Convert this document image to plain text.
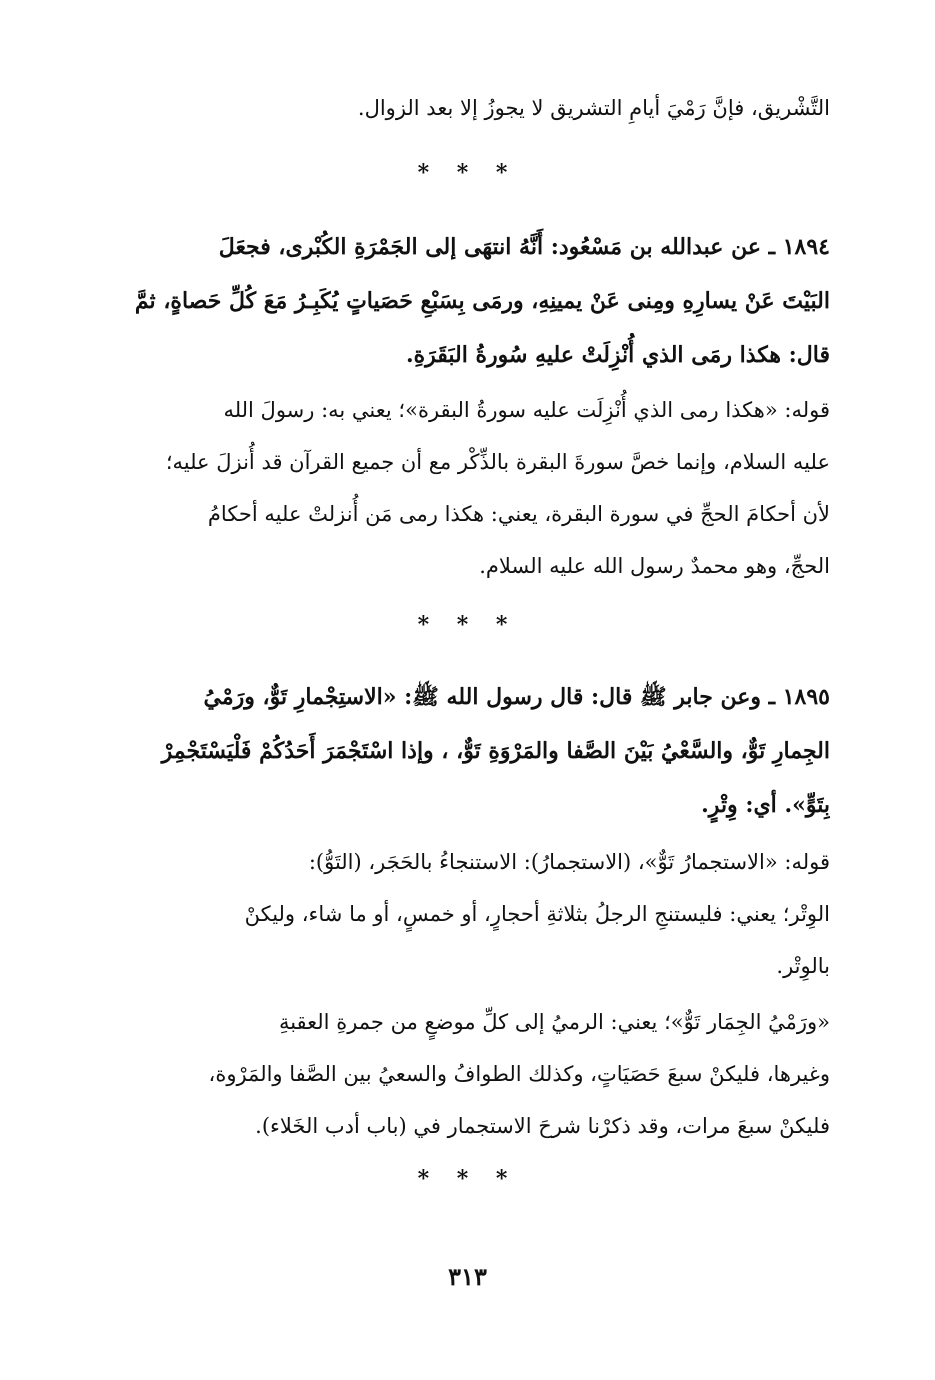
التَّشْريق، فإنَّ رَمْيَ أيامِ التشريق لا يجوزُ إلا بعد الزوال.
* * *
١٨٩٤ ـ عن عبدالله بن مَسْعُود: أَنَّهُ انتهَى إلى الجَمْرَةِ الكُبْرى، فجعَلَ
البَيْتَ عَنْ يسارِهِ ومِنى عَنْ يمينِهِ، ورمَى بِسَبْعِ حَصَياتٍ يُكَبِـرُ مَعَ كُلِّ حَصاةٍ، ثمَّ
قال: هكذا رمَى الذي أُنْزِلَتْ عليهِ سُورةُ البَقَرَةِ.
قوله: «هكذا رمى الذي أُنْزِلَت عليه سورةُ البقرة»؛ يعني به: رسولَ الله
عليه السلام، وإنما خصَّ سورةَ البقرة بالذِّكْر مع أن جميع القرآن قد أُنزلَ عليه؛
لأن أحكامَ الحجِّ في سورة البقرة، يعني: هكذا رمى مَن أُنزلتْ عليه أحكامُ
الحجِّ، وهو محمدٌ رسول الله عليه السلام.
* * *
١٨٩٥ ـ وعن جابر ﷺ قال: قال رسول الله ﷺ: «الاستِجْمارِ تَوٌّ، ورَمْيُ
الجِمارِ تَوٌّ، والسَّعْيُ بَيْنَ الصَّفا والمَرْوَةِ تَوٌّ، ، وإذا اسْتَجْمَرَ أَحَدُكُمْ فَلْيَسْتَجْمِرْ
بِتَوٍّ». أي: وِتْرٍ.
قوله: «الاستجمارُ تَوٌّ»، (الاستجمارُ): الاستنجاءُ بالحَجَر، (التَوُّ):
الوِتْر؛ يعني: فليستنجِ الرجلُ بثلاثةِ أحجارٍ، أو خمسٍ، أو ما شاء، وليكنْ
بالوِتْر.
«ورَمْيُ الجِمَار تَوٌّ»؛ يعني: الرميُ إلى كلِّ موضعٍ من جمرةِ العقبةِ
وغيرها، فليكنْ سبعَ حَصَيَاتٍ، وكذلك الطوافُ والسعيُ بين الصَّفا والمَرْوة،
فليكنْ سبعَ مرات، وقد ذكرْنا شرحَ الاستجمار في (باب أدب الخَلاء).
* * *
٣١٣
